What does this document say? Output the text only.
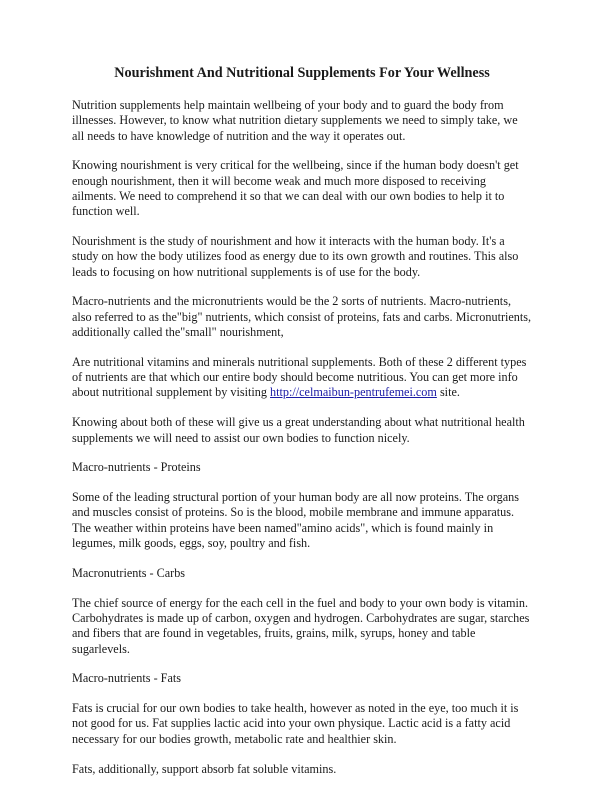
Nourishment And Nutritional Supplements For Your Wellness

Nutrition supplements help maintain wellbeing of your body and to guard the body from illnesses. However, to know what nutrition dietary supplements we need to simply take, we all needs to have knowledge of nutrition and the way it operates out.

Knowing nourishment is very critical for the wellbeing, since if the human body doesn't get enough nourishment, then it will become weak and much more disposed to receiving ailments. We need to comprehend it so that we can deal with our own bodies to help it to function well.

Nourishment is the study of nourishment and how it interacts with the human body. It's a study on how the body utilizes food as energy due to its own growth and routines. This also leads to focusing on how nutritional supplements is of use for the body.

Macro-nutrients and the micronutrients would be the 2 sorts of nutrients. Macro-nutrients, also referred to as the"big" nutrients, which consist of proteins, fats and carbs. Micronutrients, additionally called the"small" nourishment,

Are nutritional vitamins and minerals nutritional supplements. Both of these 2 different types of nutrients are that which our entire body should become nutritious. You can get more info about nutritional supplement by visiting http://celmaibun-pentrufemei.com site.

Knowing about both of these will give us a great understanding about what nutritional health supplements we will need to assist our own bodies to function nicely.

Macro-nutrients - Proteins

Some of the leading structural portion of your human body are all now proteins. The organs and muscles consist of proteins. So is the blood, mobile membrane and immune apparatus. The weather within proteins have been named"amino acids", which is found mainly in legumes, milk goods, eggs, soy, poultry and fish.

Macronutrients - Carbs

The chief source of energy for the each cell in the fuel and body to your own body is vitamin. Carbohydrates is made up of carbon, oxygen and hydrogen. Carbohydrates are sugar, starches and fibers that are found in vegetables, fruits, grains, milk, syrups, honey and table sugarlevels.

Macro-nutrients - Fats

Fats is crucial for our own bodies to take health, however as noted in the eye, too much it is not good for us. Fat supplies lactic acid into your own physique. Lactic acid is a fatty acid necessary for our bodies growth, metabolic rate and healthier skin.

Fats, additionally, support absorb fat soluble vitamins.
